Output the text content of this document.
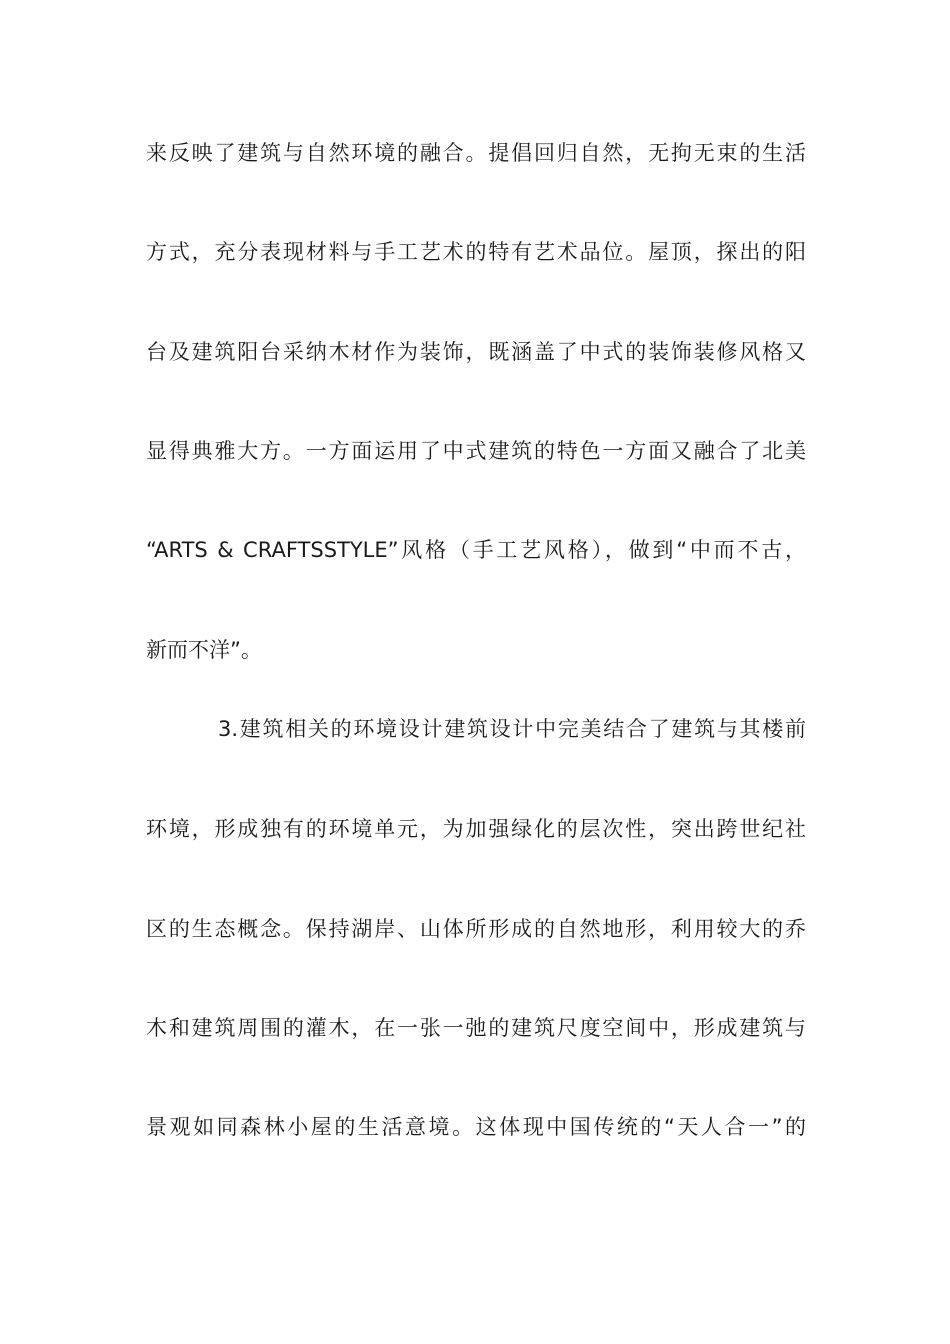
来反映了建筑与自然环境的融合。提倡回归自然，无拘无束的生活
方式，充分表现材料与手工艺术的特有艺术品位。屋顶，探出的阳
台及建筑阳台采纳木材作为装饰，既涵盖了中式的装饰装修风格又
显得典雅大方。一方面运用了中式建筑的特色一方面又融合了北美
“ARTS & CRAFTSSTYLE”风格（手工艺风格），做到“中而不古，
新而不洋”。
3.建筑相关的环境设计建筑设计中完美结合了建筑与其楼前
环境，形成独有的环境单元，为加强绿化的层次性，突出跨世纪社
区的生态概念。保持湖岸、山体所形成的自然地形，利用较大的乔
木和建筑周围的灌木，在一张一弛的建筑尺度空间中，形成建筑与
景观如同森林小屋的生活意境。这体现中国传统的“天人合一”的
